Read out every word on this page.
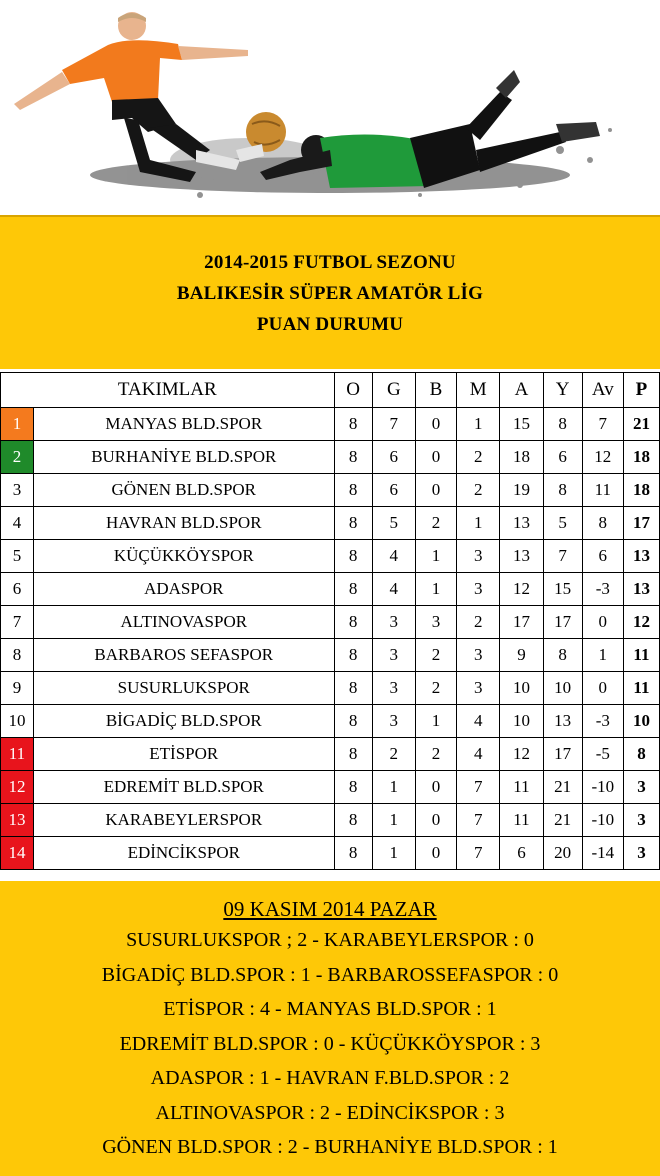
2014-2015 FUTBOL SEZONU
BALIKESİR SÜPER AMATÖR LİG
PUAN DURUMU
TAKIMLAR		O	G	B	M	A	Y	Av	P
1	MANYAS BLD.SPOR	8	7	0	1	15	8	7	21
2	BURHANİYE BLD.SPOR	8	6	0	2	18	6	12	18
3	GÖNEN BLD.SPOR	8	6	0	2	19	8	11	18
4	HAVRAN BLD.SPOR	8	5	2	1	13	5	8	17
5	KÜÇÜKKÖYSPOR	8	4	1	3	13	7	6	13
6	ADASPOR	8	4	1	3	12	15	-3	13
7	ALTINOVASPOR	8	3	3	2	17	17	0	12
8	BARBAROS SEFASPOR	8	3	2	3	9	8	1	11
9	SUSURLUKSPOR	8	3	2	3	10	10	0	11
10	BİGADİÇ BLD.SPOR	8	3	1	4	10	13	-3	10
11	ETİSPOR	8	2	2	4	12	17	-5	8
12	EDREMİT BLD.SPOR	8	1	0	7	11	21	-10	3
13	KARABEYLERSPOR	8	1	0	7	11	21	-10	3
14	EDİNCİKSPOR	8	1	0	7	6	20	-14	3
09 KASIM 2014 PAZAR
SUSURLUKSPOR ; 2 - KARABEYLERSPOR : 0
BİGADİÇ BLD.SPOR : 1 - BARBAROSSEFASPOR : 0
ETİSPOR : 4 - MANYAS BLD.SPOR : 1
EDREMİT BLD.SPOR : 0 - KÜÇÜKKÖYSPOR : 3
ADASPOR : 1 - HAVRAN F.BLD.SPOR : 2
ALTINOVASPOR : 2 - EDİNCİKSPOR : 3
GÖNEN BLD.SPOR : 2 - BURHANİYE BLD.SPOR : 1
